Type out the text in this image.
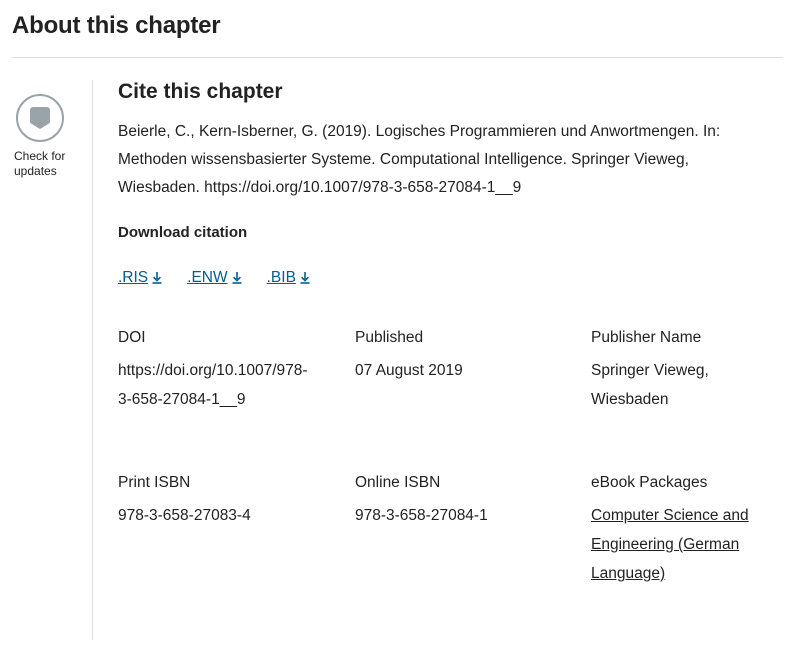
About this chapter
Check for
updates
Cite this chapter

Beierle, C., Kern-Isberner, G. (2019). Logisches Programmieren und Anwortmengen. In: Methoden wissensbasierter Systeme. Computational Intelligence. Springer Vieweg, Wiesbaden. https://doi.org/10.1007/978-3-658-27084-1__9

Download citation
.RIS	.ENW	.BIB
DOI
https://doi.org/10.1007/978-3-658-27084-1__9
Published
07 August 2019
Publisher Name
Springer Vieweg, Wiesbaden
Print ISBN
978-3-658-27083-4
Online ISBN
978-3-658-27084-1
eBook Packages
Computer Science and Engineering (German Language)
